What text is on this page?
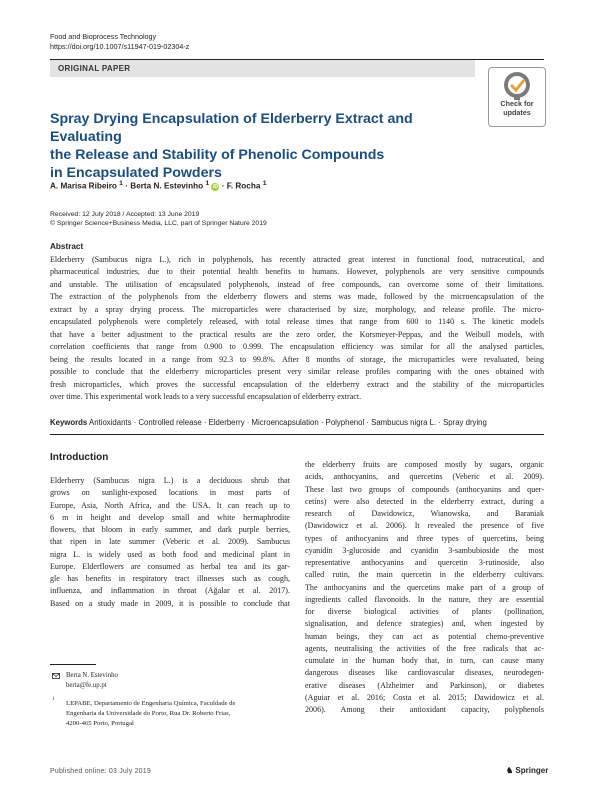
Food and Bioprocess Technology
https://doi.org/10.1007/s11947-019-02304-z
ORIGINAL PAPER
Check for
updates
Spray Drying Encapsulation of Elderberry Extract and Evaluating
the Release and Stability of Phenolic Compounds
in Encapsulated Powders
A. Marisa Ribeiro $^1$ · Berta N. Estevinho $^1$ iD · F. Rocha $^1$
Received: 12 July 2018 / Accepted: 13 June 2019
© Springer Science+Business Media, LLC, part of Springer Nature 2019
Abstract
Elderberry (Sambucus nigra L.), rich in polyphenols, has recently attracted great interest in functional food, nutraceutical, and
pharmaceutical industries, due to their potential health benefits to humans. However, polyphenols are very sensitive compounds
and unstable. The utilisation of encapsulated polyphenols, instead of free compounds, can overcome some of their limitations.
The extraction of the polyphenols from the elderberry flowers and stems was made, followed by the microencapsulation of the
extract by a spray drying process. The microparticles were characterised by size, morphology, and release profile. The micro-
encapsulated polyphenols were completely released, with total release times that range from 600 to 1140 s. The kinetic models
that have a better adjustment to the practical results are the zero order, the Korsmeyer-Peppas, and the Weibull models, with
correlation coefficients that range from 0.900 to 0.999. The encapsulation efficiency was similar for all the analysed particles,
being the results located in a range from 92.3 to 99.8%. After 8 months of storage, the microparticles were revaluated, being
possible to conclude that the elderberry microparticles present very similar release profiles comparing with the ones obtained with
fresh microparticles, which proves the successful encapsulation of the elderberry extract and the stability of the microparticles
over time. This experimental work leads to a very successful encapsulation of elderberry extract.
Keywords Antioxidants · Controlled release · Elderberry · Microencapsulation · Polyphenol · Sambucus nigra L. · Spray drying
Introduction
Elderberry (Sambucus nigra L.) is a deciduous shrub that
grows on sunlight-exposed locations in most parts of
Europe, Asia, North Africa, and the USA. It can reach up to
6 m in height and develop small and white hermaphrodite
flowers, that bloom in early summer, and dark purple berries,
that ripen in late summer (Veberic et al. 2009). Sambucus
nigra L. is widely used as both food and medicinal plant in
Europe. Elderflowers are consumed as herbal tea and its gar-
gle has benefits in respiratory tract illnesses such as cough,
influenza, and inflammation in throat (Ağalar et al. 2017).
Based on a study made in 2009, it is possible to conclude that
the elderberry fruits are composed mostly by sugars, organic
acids, anthocyanins, and quercetins (Veberic et al. 2009).
These last two groups of compounds (anthocyanins and quer-
cetins) were also detected in the elderberry extract, during a
research of Dawidowicz, Wianowska, and Baraniak
(Dawidowicz et al. 2006). It revealed the presence of five
types of anthocyanins and three types of quercetins, being
cyanidin 3-glucoside and cyanidin 3-sambubioside the most
representative anthocyanins and quercetin 3-rutinoside, also
called rutin, the main quercetin in the elderberry cultivars.
The anthocyanins and the quercetins make part of a group of
ingredients called flavonoids. In the nature, they are essential
for diverse biological activities of plants (pollination,
signalisation, and defence strategies) and, when ingested by
human beings, they can act as potential chemo-preventive
agents, neutralising the activities of the free radicals that ac-
cumulate in the human body that, in turn, can cause many
dangerous diseases like cardiovascular diseases, neurodegen-
erative diseases (Alzheimer and Parkinson), or diabetes
(Aguiar et al. 2016; Costa et al. 2015; Dawidowicz et al.
2006). Among their antioxidant capacity, polyphenols
Berta N. Estevinho
berta@fe.up.pt
1
LEPABE, Departamento de Engenharia Química, Faculdade de
Engenharia da Universidade do Porto, Rua Dr. Roberto Frias,
4200-465 Porto, Portugal
Published online: 03 July 2019	♞ Springer
